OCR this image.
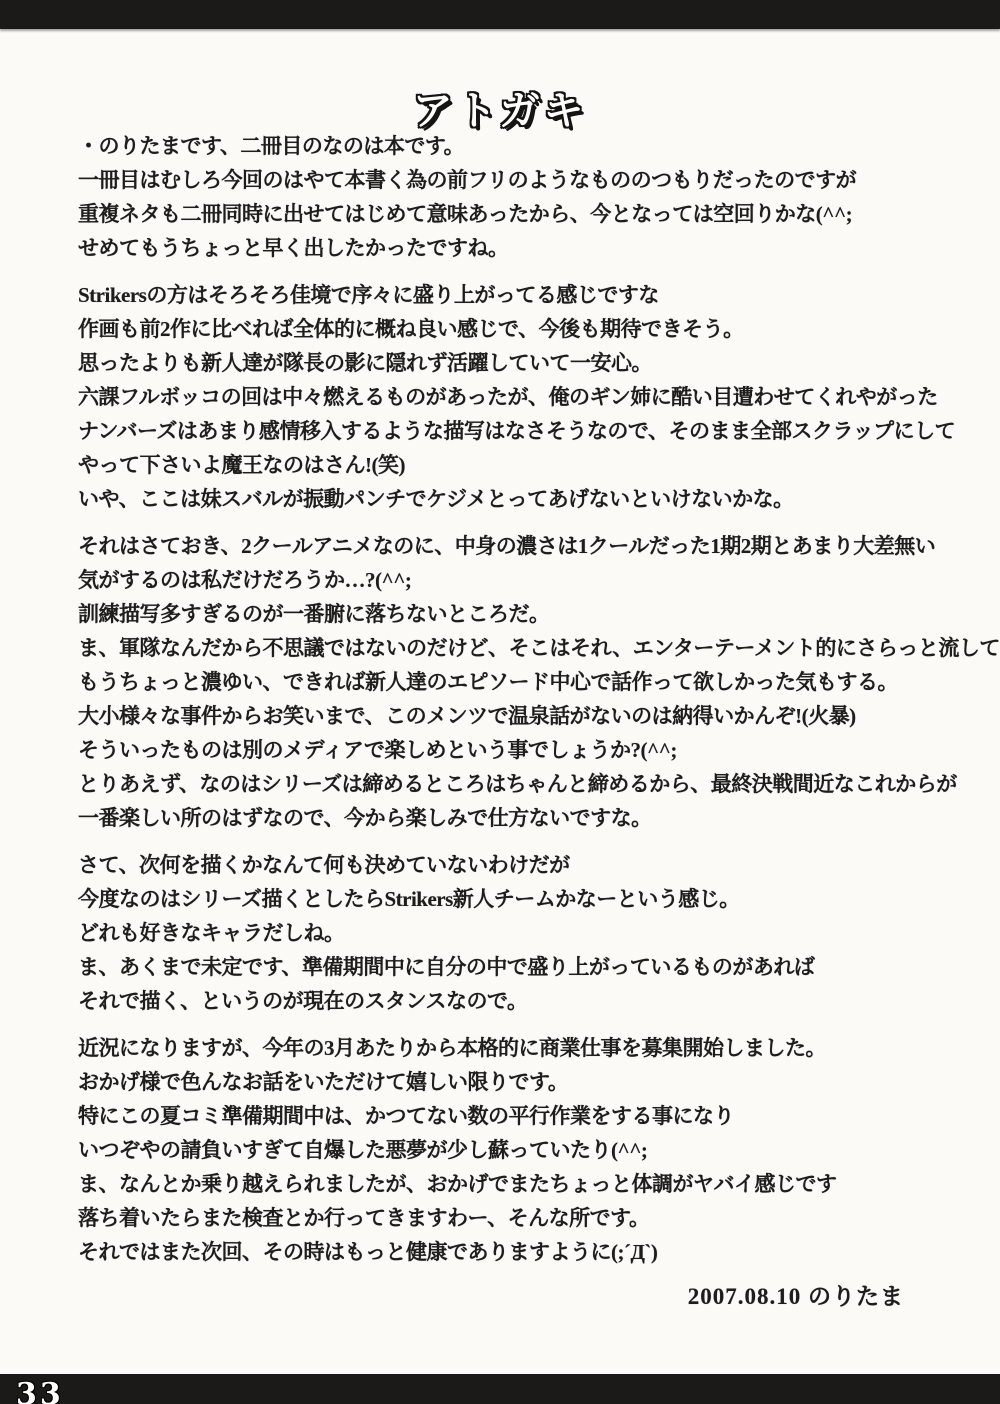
アトガキ
・のりたまです、二冊目のなのは本です。
一冊目はむしろ今回のはやて本書く為の前フリのようなもののつもりだったのですが
重複ネタも二冊同時に出せてはじめて意味あったから、今となっては空回りかな(^^;
せめてもうちょっと早く出したかったですね。
Strikersの方はそろそろ佳境で序々に盛り上がってる感じですな
作画も前2作に比べれば全体的に概ね良い感じで、今後も期待できそう。
思ったよりも新人達が隊長の影に隠れず活躍していて一安心。
六課フルボッコの回は中々燃えるものがあったが、俺のギン姉に酷い目遭わせてくれやがった
ナンバーズはあまり感情移入するような描写はなさそうなので、そのまま全部スクラップにして
やって下さいよ魔王なのはさん!(笑)
いや、ここは妹スバルが振動パンチでケジメとってあげないといけないかな。
それはさておき、2クールアニメなのに、中身の濃さは1クールだった1期2期とあまり大差無い
気がするのは私だけだろうか…?(^^;
訓練描写多すぎるのが一番腑に落ちないところだ。
ま、軍隊なんだから不思議ではないのだけど、そこはそれ、エンターテーメント的にさらっと流して
もうちょっと濃ゆい、できれば新人達のエピソード中心で話作って欲しかった気もする。
大小様々な事件からお笑いまで、このメンツで温泉話がないのは納得いかんぞ!(火暴)
そういったものは別のメディアで楽しめという事でしょうか?(^^;
とりあえず、なのはシリーズは締めるところはちゃんと締めるから、最終決戦間近なこれからが
一番楽しい所のはずなので、今から楽しみで仕方ないですな。
さて、次何を描くかなんて何も決めていないわけだが
今度なのはシリーズ描くとしたらStrikers新人チームかなーという感じ。
どれも好きなキャラだしね。
ま、あくまで未定です、準備期間中に自分の中で盛り上がっているものがあれば
それで描く、というのが現在のスタンスなので。
近況になりますが、今年の3月あたりから本格的に商業仕事を募集開始しました。
おかげ様で色んなお話をいただけて嬉しい限りです。
特にこの夏コミ準備期間中は、かつてない数の平行作業をする事になり
いつぞやの請負いすぎて自爆した悪夢が少し蘇っていたり(^^;
ま、なんとか乗り越えられましたが、おかげでまたちょっと体調がヤバイ感じです
落ち着いたらまた検査とか行ってきますわー、そんな所です。
それではまた次回、その時はもっと健康でありますように(;´Д`)
2007.08.10 のりたま
33
